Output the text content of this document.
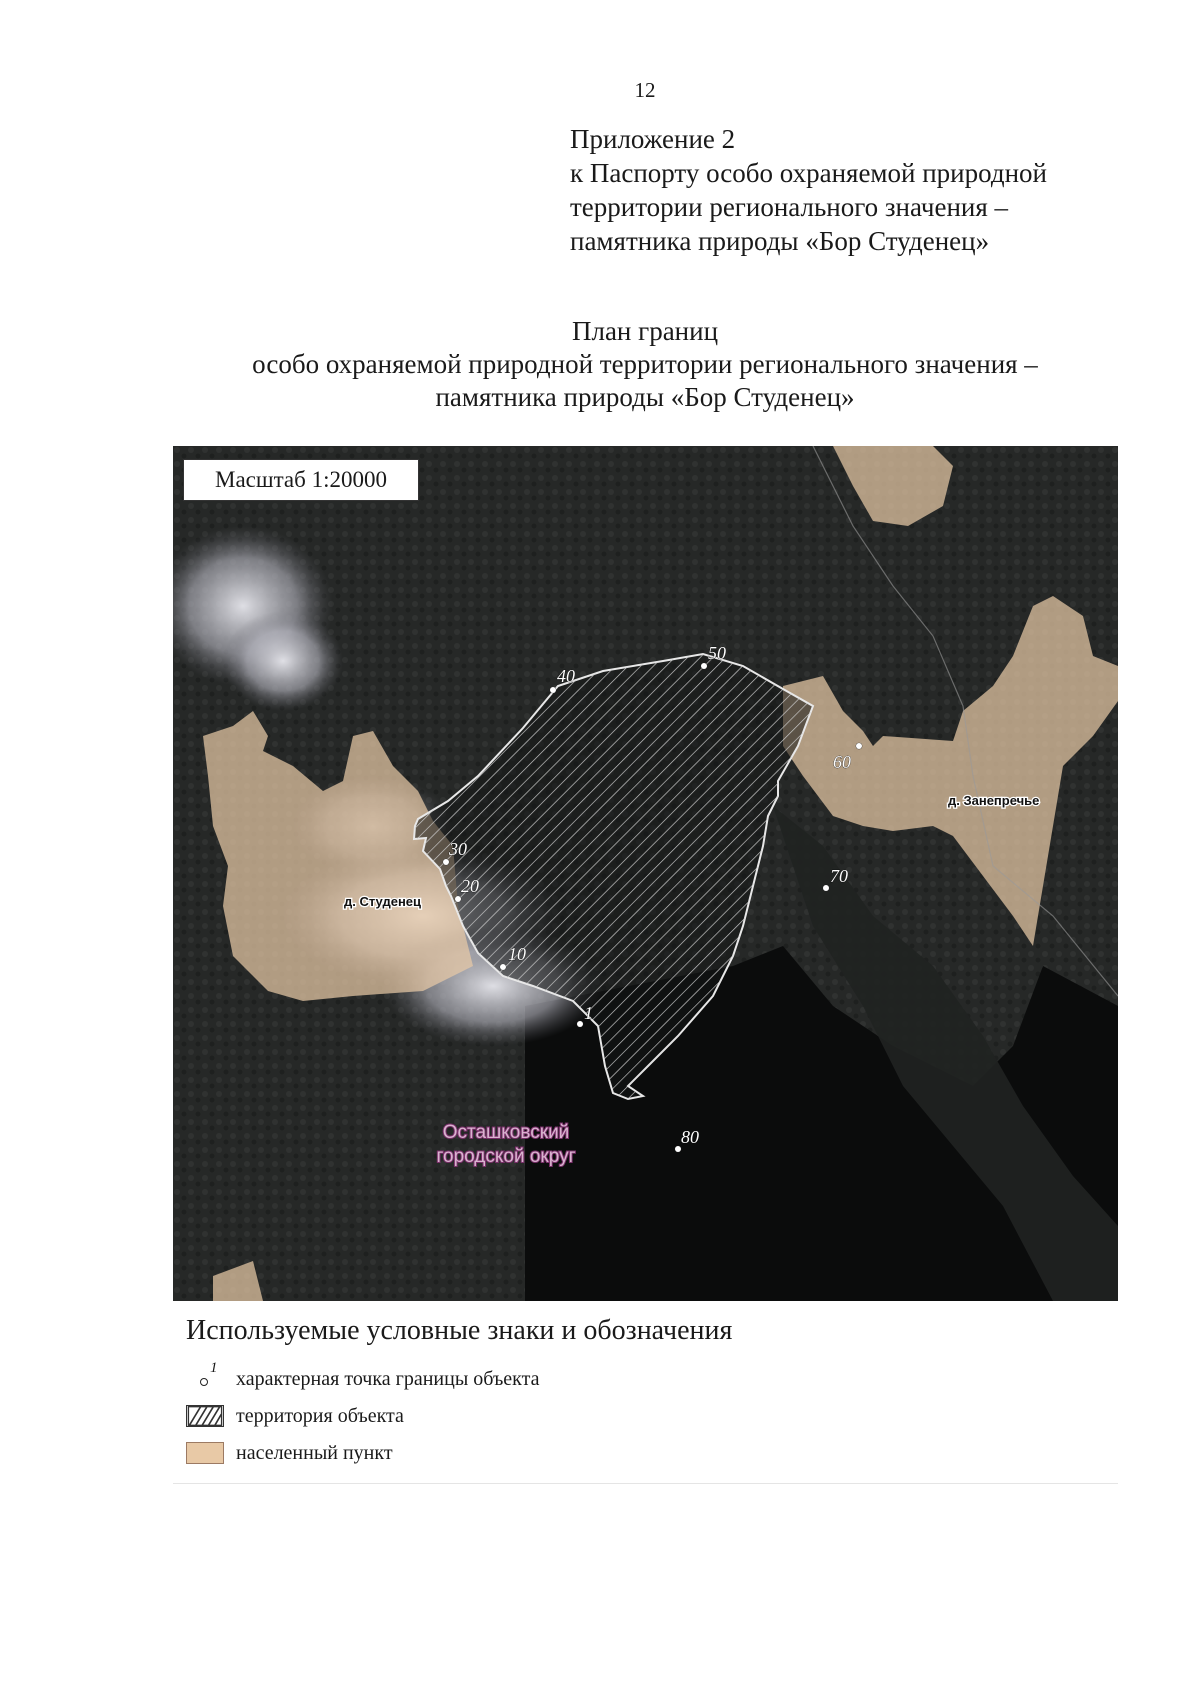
12
Приложение 2
к Паспорту особо охраняемой природной
территории регионального значения –
памятника природы «Бор Студенец»
План границ
особо охраняемой природной территории регионального значения –
памятника природы «Бор Студенец»
1
10
20
30
40
50
60
70
80
д. Студенец
д. Занепречье
Осташковский
городской округ
Масштаб 1:20000
Используемые условные знаки и обозначения
1 характерная точка границы объекта
территория объекта
населенный пункт
